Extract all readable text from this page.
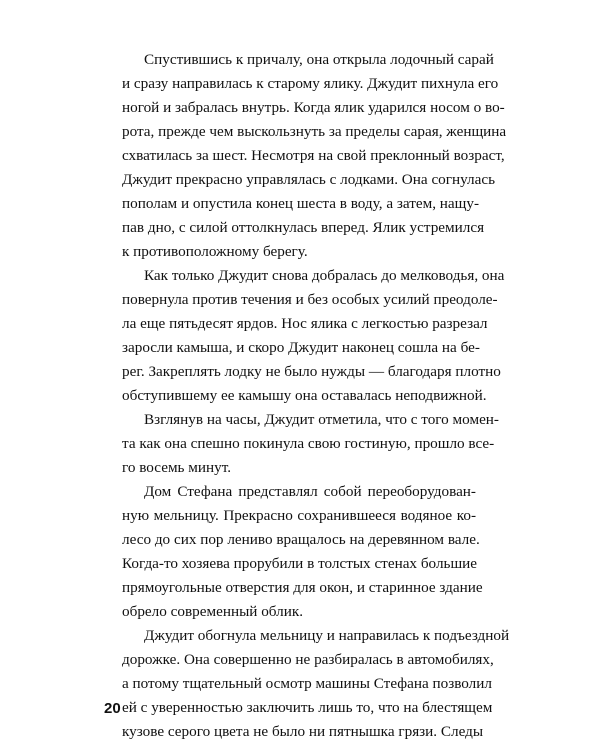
Спустившись к причалу, она открыла лодочный сарай
и сразу направилась к старому ялику. Джудит пихнула его
ногой и забралась внутрь. Когда ялик ударился носом о во-
рота, прежде чем выскользнуть за пределы сарая, женщина
схватилась за шест. Несмотря на свой преклонный возраст,
Джудит прекрасно управлялась с лодками. Она согнулась
пополам и опустила конец шеста в воду, а затем, нащу-
пав дно, с силой оттолкнулась вперед. Ялик устремился
к противоположному берегу.
Как только Джудит снова добралась до мелководья, она
повернула против течения и без особых усилий преодоле-
ла еще пятьдесят ярдов. Нос ялика с легкостью разрезал
заросли камыша, и скоро Джудит наконец сошла на бе-
рег. Закреплять лодку не было нужды — благодаря плотно
обступившему ее камышу она оставалась неподвижной.
Взглянув на часы, Джудит отметила, что с того момен-
та как она спешно покинула свою гостиную, прошло все-
го восемь минут.
Дом Стефана представлял собой переоборудован-
ную мельницу. Прекрасно сохранившееся водяное ко-
лесо до сих пор лениво вращалось на деревянном вале.
Когда-то хозяева прорубили в толстых стенах большие
прямоугольные отверстия для окон, и старинное здание
обрело современный облик.
Джудит обогнула мельницу и направилась к подъездной
дорожке. Она совершенно не разбиралась в автомобилях,
а потому тщательный осмотр машины Стефана позволил
ей с уверенностью заключить лишь то, что на блестящем
кузове серого цвета не было ни пятнышка грязи. Следы
20
